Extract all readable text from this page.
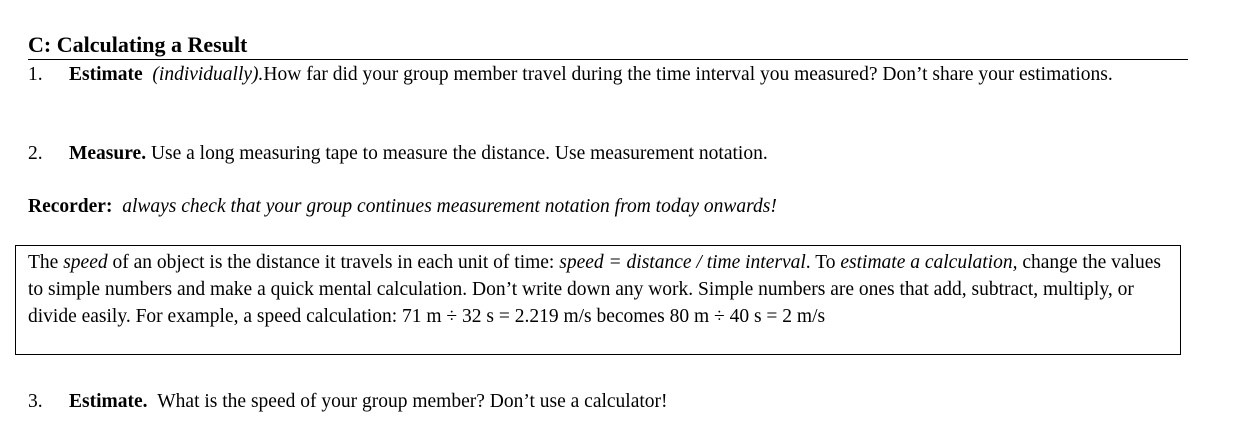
C: Calculating a Result
1.	Estimate (individually).How far did your group member travel during the time interval you measured? Don’t share your estimations.
2.	Measure. Use a long measuring tape to measure the distance. Use measurement notation.
Recorder: always check that your group continues measurement notation from today onwards!

The speed of an object is the distance it travels in each unit of time: speed = distance / time interval. To estimate a calculation, change the values to simple numbers and make a quick mental calculation. Don’t write down any work. Simple numbers are ones that add, subtract, multiply, or divide easily. For example, a speed calculation: 71 m ÷ 32 s = 2.219 m/s becomes 80 m ÷ 40 s = 2 m/s

3.	Estimate. What is the speed of your group member? Don’t use a calculator!
